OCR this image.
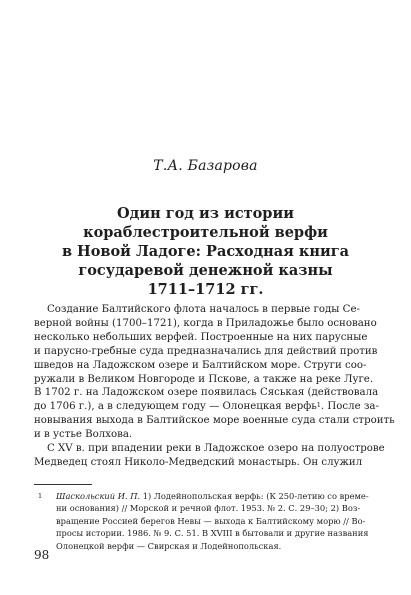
Т.А. Базарова
Один год из истории
кораблестроительной верфи
в Новой Ладоге: Расходная книга
государевой денежной казны
1711–1712 гг.
Создание Балтийского флота началось в первые годы Се-
верной войны (1700–1721), когда в Приладожье было основано
несколько небольших верфей. Построенные на них парусные
и парусно-гребные суда предназначались для действий против
шведов на Ладожском озере и Балтийском море. Струги соо-
ружали в Великом Новгороде и Пскове, а также на реке Луге.
В 1702 г. на Ладожском озере появилась Сяськая (действовала
до 1706 г.), а в следующем году — Олонецкая верфь$^1$. После за-
новывания выхода в Балтийское море военные суда стали строить
и в устье Волхова.
С XV в. при впадении реки в Ладожское озеро на полуострове
Медведец стоял Николо-Медведский монастырь. Он служил
1 Шаскольский И. П. 1) Лодейнопольская верфь: (К 250-летию со време-
ни основания) // Морской и речной флот. 1953. № 2. С. 29–30; 2) Воз-
вращение Россией берегов Невы — выхода к Балтийскому морю // Во-
просы истории. 1986. № 9. С. 51. В XVIII в бытовали и другие названия
Олонецкой верфи — Свирская и Лодейнопольская.
98
